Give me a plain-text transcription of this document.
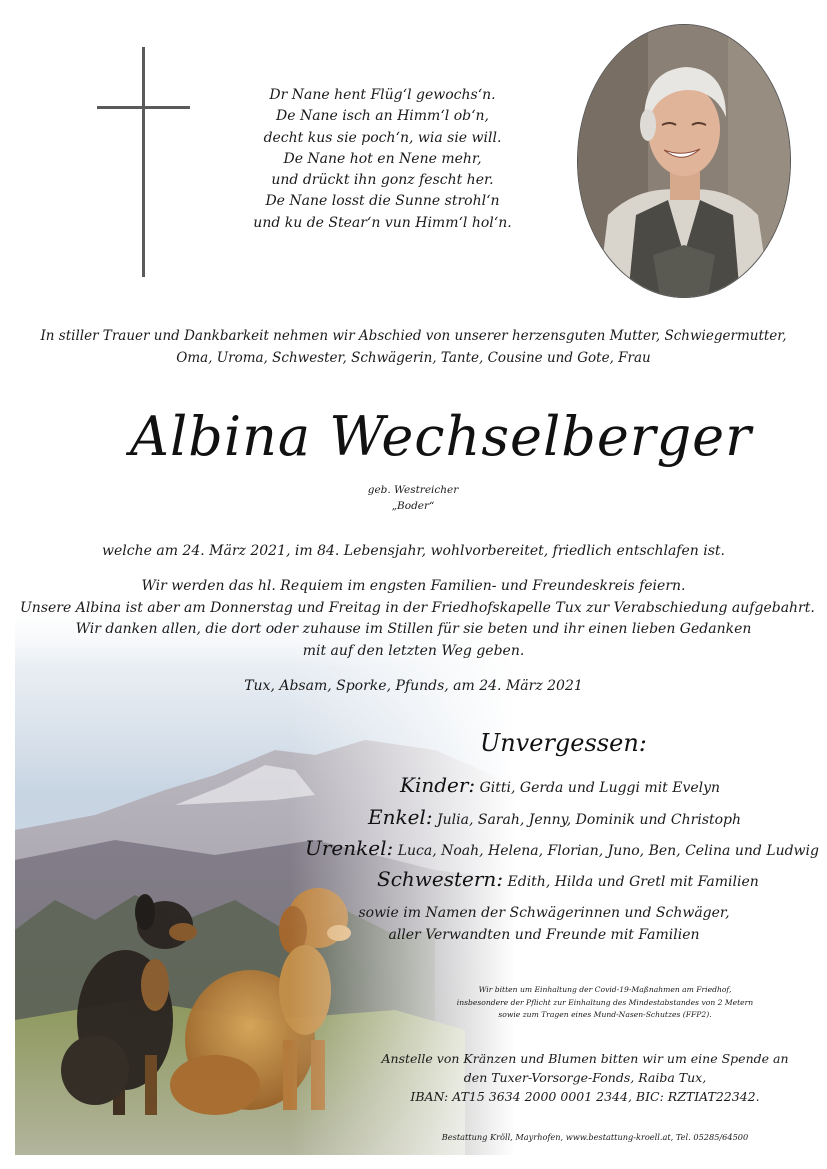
Dr Nane hent Flüg‘l gewochs‘n.
De Nane isch an Himm‘l ob‘n,
decht kus sie poch‘n, wia sie will.
De Nane hot en Nene mehr,
und drückt ihn gonz fescht her.
De Nane losst die Sunne strohl‘n
und ku de Stear‘n vun Himm‘l hol‘n.
In stiller Trauer und Dankbarkeit nehmen wir Abschied von unserer herzensguten Mutter, Schwiegermutter,
Oma, Uroma, Schwester, Schwägerin, Tante, Cousine und Gote, Frau
Albina Wechselberger
geb. Westreicher
„Boder“
welche am 24. März 2021, im 84. Lebensjahr, wohlvorbereitet, friedlich entschlafen ist.
Wir werden das hl. Requiem im engsten Familien- und Freundeskreis feiern.
Unsere Albina ist aber am Donnerstag und Freitag in der Friedhofskapelle Tux zur Verabschiedung aufgebahrt.
Wir danken allen, die dort oder zuhause im Stillen für sie beten und ihr einen lieben Gedanken
mit auf den letzten Weg geben.
Tux, Absam, Sporke, Pfunds, am 24. März 2021
Unvergessen:
Kinder: Gitti, Gerda und Luggi mit Evelyn
Enkel: Julia, Sarah, Jenny, Dominik und Christoph
Urenkel: Luca, Noah, Helena, Florian, Juno, Ben, Celina und Ludwig
Schwestern: Edith, Hilda und Gretl mit Familien
sowie im Namen der Schwägerinnen und Schwäger,
aller Verwandten und Freunde mit Familien
Wir bitten um Einhaltung der Covid-19-Maßnahmen am Friedhof,
insbesondere der Pflicht zur Einhaltung des Mindestabstandes von 2 Metern
sowie zum Tragen eines Mund-Nasen-Schutzes (FFP2).
Anstelle von Kränzen und Blumen bitten wir um eine Spende an
den Tuxer-Vorsorge-Fonds, Raiba Tux,
IBAN: AT15 3634 2000 0001 2344, BIC: RZTIAT22342.
Bestattung Kröll, Mayrhofen, www.bestattung-kroell.at, Tel. 05285/64500
